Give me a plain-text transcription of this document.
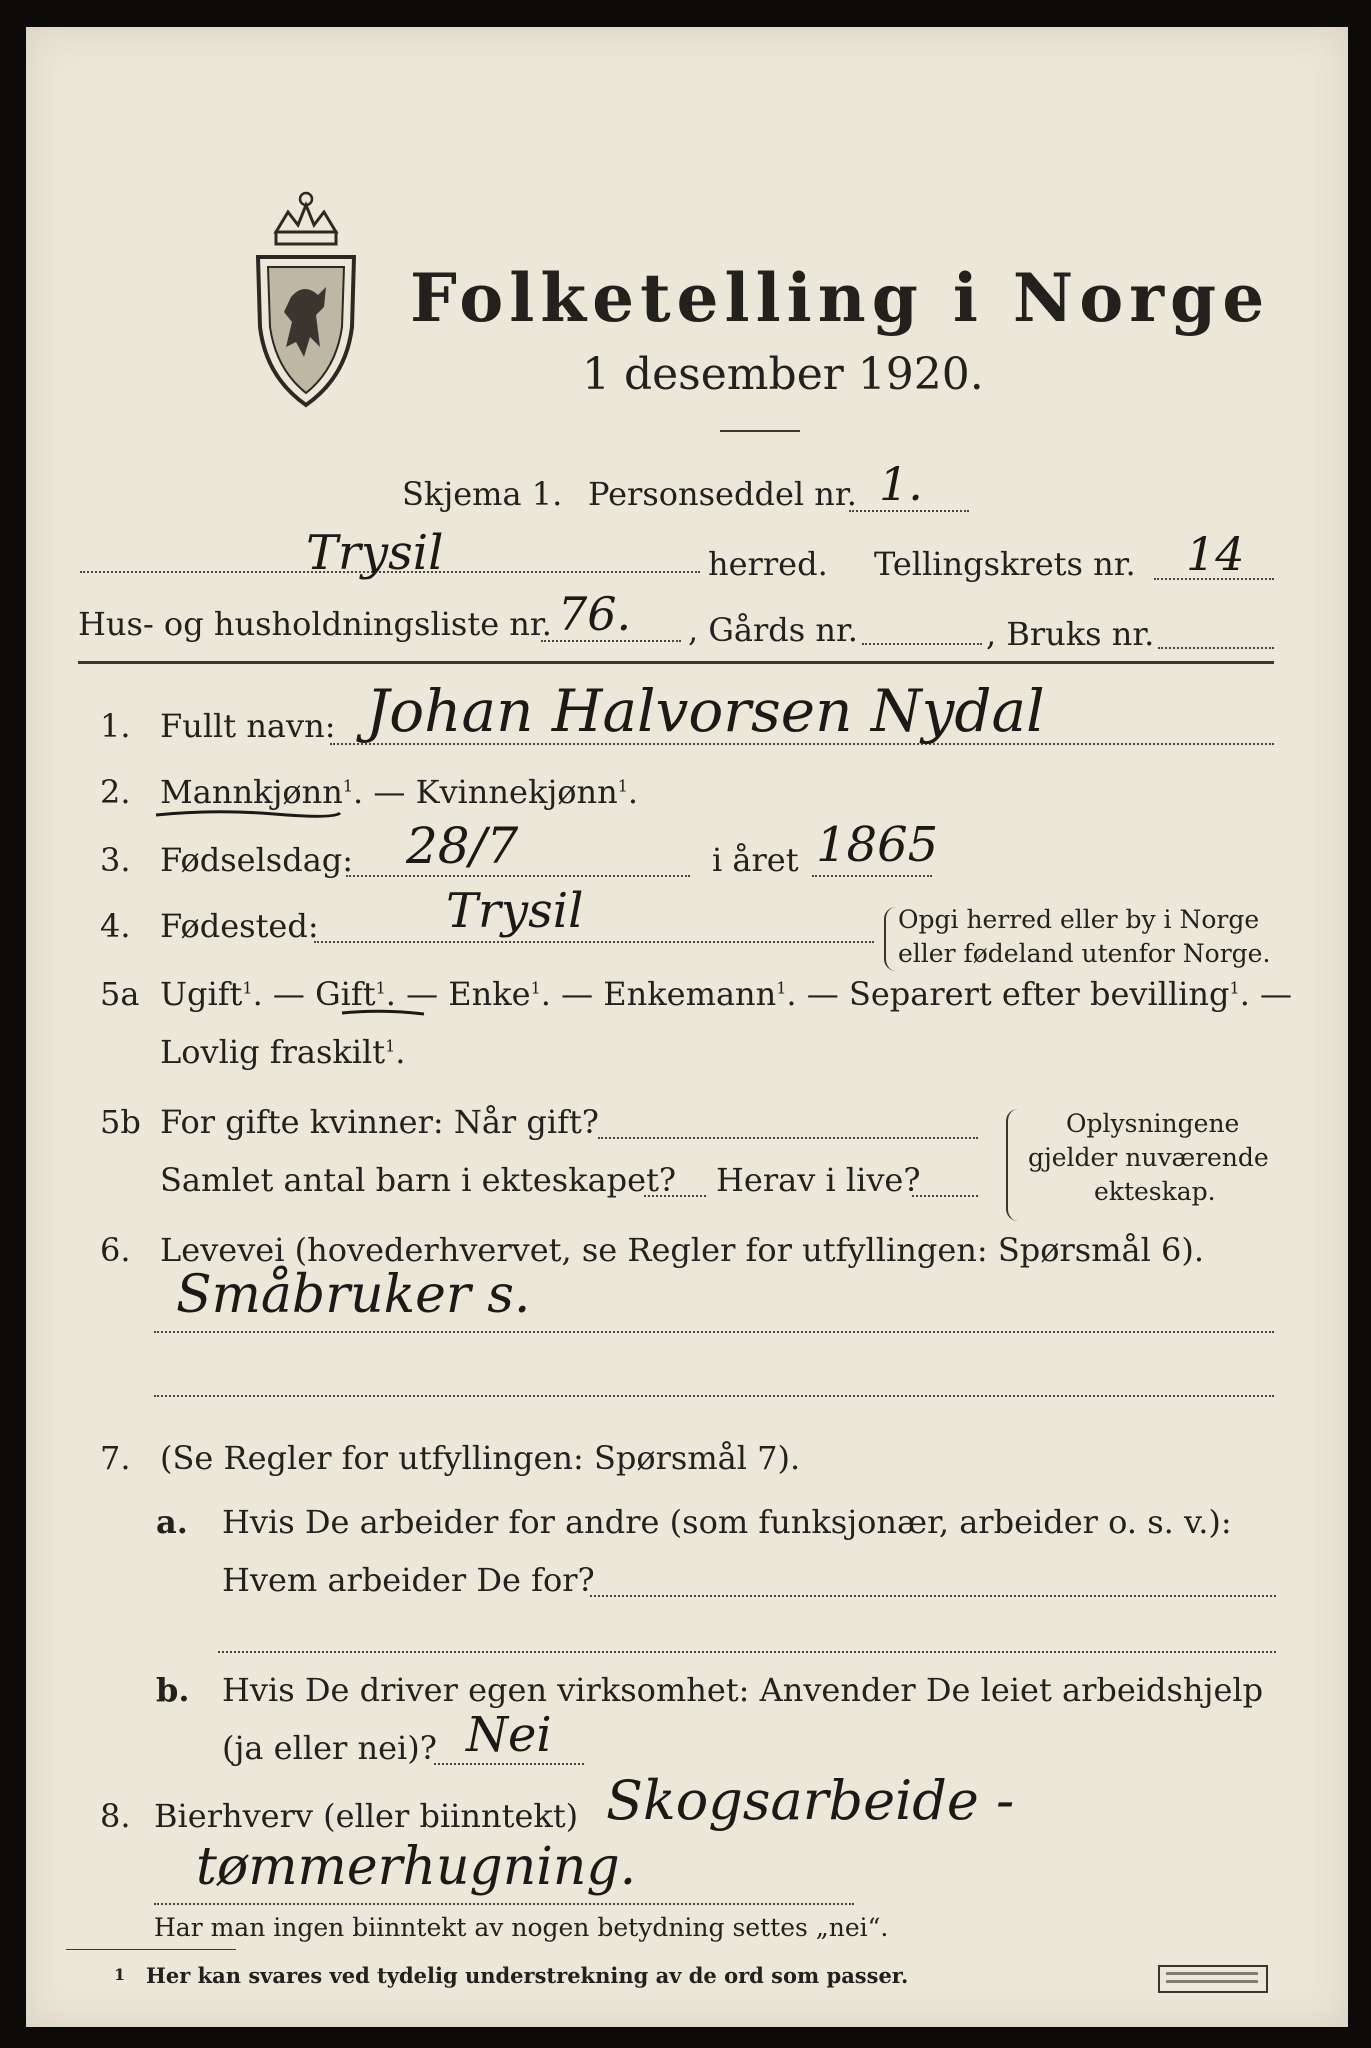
Folketelling i Norge
1 desember 1920.
Skjema 1. Personseddel nr. 1.
Trysil	herred. Tellingskrets nr. 14
Hus- og husholdningsliste nr. 76. , Gårds nr.	, Bruks nr.
1. Fullt navn: Johan Halvorsen Nydal
2. Mannkjønn$^1$. — Kvinnekjønn$^1$.
3. Fødselsdag: 28/7	i året 1865
4. Fødested:	Trysil	Opgi herred eller by i Norge
eller fødeland utenfor Norge.
5a Ugift$^1$. — Gift$^1$. — Enke$^1$. — Enkemann$^1$. — Separert efter bevilling$^1$. —
Lovlig fraskilt$^1$.
5b For gifte kvinner: Når gift?
Samlet antal barn i ekteskapet? Herav i live?
Oplysningene
gjelder nuværende
ekteskap.
6. Levevei (hovederhvervet, se Regler for utfyllingen: Spørsmål 6).
Småbruker s.
7. (Se Regler for utfyllingen: Spørsmål 7).
a. Hvis De arbeider for andre (som funksjonær, arbeider o. s. v.):
Hvem arbeider De for?
b. Hvis De driver egen virksomhet: Anvender De leiet arbeidshjelp
(ja eller nei)? Nei
8. Bierhverv (eller biinntekt) Skogsarbeide -
tømmerhugning.
Har man ingen biinntekt av nogen betydning settes „nei“.
1 Her kan svares ved tydelig understrekning av de ord som passer.
